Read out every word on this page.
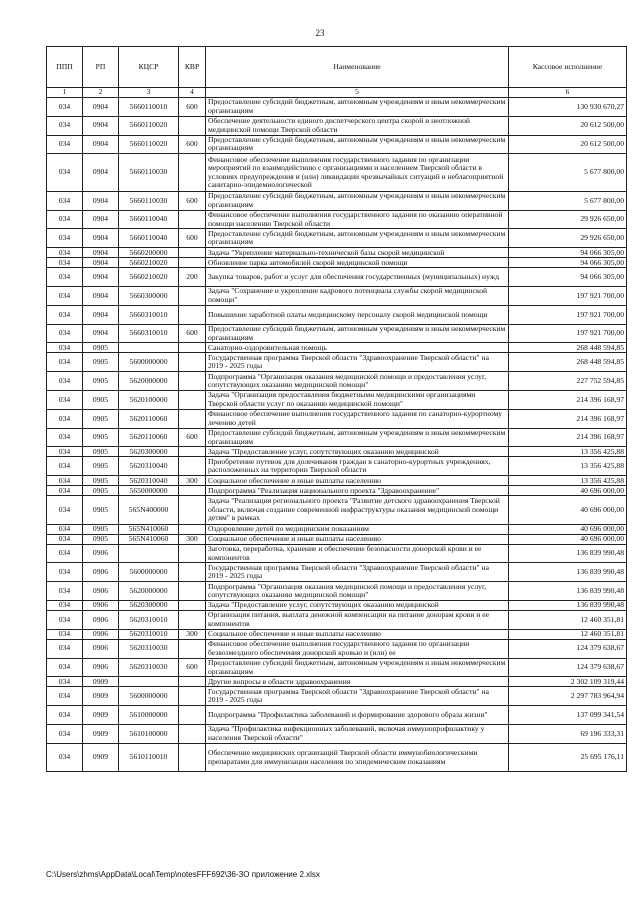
23
ППП	РП	КЦСР	КВР	Наименование	Кассовое исполнение
1	2	3	4	5	6
034	0904	5660110010	600	Предоставление субсидий бюджетным, автономным учреждениям и иным некоммерческим организациям	130 930 670,27
034	0904	5660110020		Обеспечение деятельности единого диспетчерского центра скорой и неотложной медицинской помощи Тверской области	20 612 500,00
034	0904	5660110020	600	Предоставление субсидий бюджетным, автономным учреждениям и иным некоммерческим организациям	20 612 500,00
034	0904	5660110030		Финансовое обеспечение выполнения государственного задания по организации мероприятий по взаимодействию с организациями и населением Тверской области в условиях предупреждения и (или) ликвидации чрезвычайных ситуаций и неблагоприятной санитарно-эпидемиологической	5 677 800,00
034	0904	5660110030	600	Предоставление субсидий бюджетным, автономным учреждениям и иным некоммерческим организациям	5 677 800,00
034	0904	5660110040		Финансовое обеспечение выполнения государственного задания по оказанию оперативной помощи населению Тверской области	29 926 650,00
034	0904	5660110040	600	Предоставление субсидий бюджетным, автономным учреждениям и иным некоммерческим организациям	29 926 650,00
034	0904	5660200000		Задача "Укрепление материально-технической базы скорой медицинской	94 066 305,00
034	0904	5660210020		Обновление парка автомобилей скорой медицинской помощи	94 066 305,00
034	0904	5660210020	200	Закупка товаров, работ и услуг для обеспечения государственных (муниципальных) нужд	94 066 305,00
034	0904	5660300000		Задача "Сохранение и укрепление кадрового потенциала службы скорой медицинской помощи"	197 921 700,00
034	0904	5660310010		Повышение заработной платы медицинскому персоналу скорой медицинской помощи	197 921 700,00
034	0904	5660310010	600	Предоставление субсидий бюджетным, автономным учреждениям и иным некоммерческим организациям	197 921 700,00
034	0905			Санаторно-оздоровительная помощь	268 448 594,85
034	0905	5600000000		Государственная программа Тверской области "Здравоохранение Тверской области" на 2019 - 2025 годы	268 448 594,85
034	0905	5620000000		Подпрограмма "Организация оказания медицинской помощи и предоставления услуг, сопутствующих оказанию медицинской помощи"	227 752 594,85
034	0905	5620100000		Задача "Организация предоставления бюджетными медицинскими организациями Тверской области услуг по оказанию медицинской помощи"	214 396 168,97
034	0905	5620110060		Финансовое обеспечение выполнения государственного задания по санаторно-курортному лечению детей	214 396 168,97
034	0905	5620110060	600	Предоставление субсидий бюджетным, автономным учреждениям и иным некоммерческим организациям	214 396 168,97
034	0905	5620300000		Задача "Предоставление услуг, сопутствующих оказанию медицинской	13 356 425,88
034	0905	5620310040		Приобретение путевок для долечивания граждан в санаторно-курортных учреждениях, расположенных на территории Тверской области	13 356 425,88
034	0905	5620310040	300	Социальное обеспечение и иные выплаты населению	13 356 425,88
034	0905	5650000000		Подпрограмма "Реализация национального проекта "Здравоохранение"	40 696 000,00
034	0905	565N400000		Задача "Реализация регионального проекта "Развитие детского здравоохранения Тверской области, включая создание современной инфраструктуры оказания медицинской помощи детям" в рамках	40 696 000,00
034	0905	565N410060		Оздоровление детей по медицинским показаниям	40 696 000,00
034	0905	565N410060	300	Социальное обеспечение и иные выплаты населению	40 696 000,00
034	0906			Заготовка, переработка, хранение и обеспечение безопасности донорской крови и ее компонентов	136 839 990,48
034	0906	5600000000		Государственная программа Тверской области "Здравоохранение Тверской области" на 2019 - 2025 годы	136 839 990,48
034	0906	5620000000		Подпрограмма "Организация оказания медицинской помощи и предоставления услуг, сопутствующих оказанию медицинской помощи"	136 839 990,48
034	0906	5620300000		Задача "Предоставление услуг, сопутствующих оказанию медицинской	136 839 990,48
034	0906	5620310010		Организация питания, выплата денежной компенсации на питание донорам крови и ее компонентов	12 460 351,81
034	0906	5620310010	300	Социальное обеспечение и иные выплаты населению	12 460 351,81
034	0906	5620310030		Финансовое обеспечение выполнения государственного задания по организации безвозмездного обеспечения донорской кровью и (или) ее	124 379 638,67
034	0906	5620310030	600	Предоставление субсидий бюджетным, автономным учреждениям и иным некоммерческим организациям	124 379 638,67
034	0909			Другие вопросы в области здравоохранения	2 302 109 319,44
034	0909	5600000000		Государственная программа Тверской области "Здравоохранение Тверской области" на 2019 - 2025 годы	2 297 783 964,94
034	0909	5610000000		Подпрограмма "Профилактика заболеваний и формирование здорового образа жизни"	137 099 341,54
034	0909	5610100000		Задача "Профилактика инфекционных заболеваний, включая иммунопрофилактику у населения Тверской области"	69 196 333,31
034	0909	5610110010		Обеспечение медицинских организаций Тверской области иммунобиологическими препаратами для иммунизации населения по эпидемическим показаниям	25 695 176,11
C:\Users\zhms\AppData\Local\Temp\notesFFF692\36-ЗО приложение 2.xlsx
